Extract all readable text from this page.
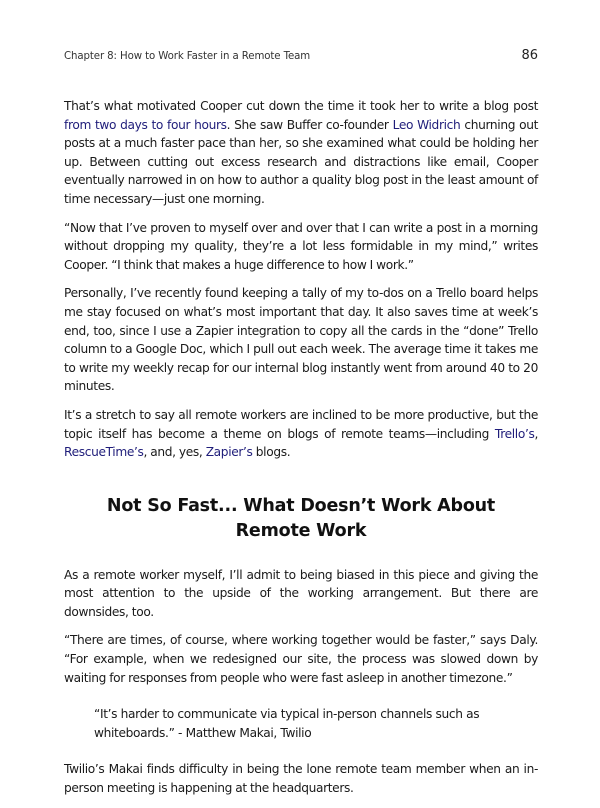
Chapter 8: How to Work Faster in a Remote Team	86

That’s what motivated Cooper cut down the time it took her to write a blog post from two days to four hours. She saw Buffer co-founder Leo Widrich churning out posts at a much faster pace than her, so she examined what could be holding her up. Between cutting out excess research and distractions like email, Cooper eventually narrowed in on how to author a quality blog post in the least amount of time necessary—just one morning.

“Now that I’ve proven to myself over and over that I can write a post in a morning without dropping my quality, they’re a lot less formidable in my mind,” writes Cooper. “I think that makes a huge difference to how I work.”

Personally, I’ve recently found keeping a tally of my to-dos on a Trello board helps me stay focused on what’s most important that day. It also saves time at week’s end, too, since I use a Zapier integration to copy all the cards in the “done” Trello column to a Google Doc, which I pull out each week. The average time it takes me to write my weekly recap for our internal blog instantly went from around 40 to 20 minutes.

It’s a stretch to say all remote workers are inclined to be more productive, but the topic itself has become a theme on blogs of remote teams—including Trello’s, RescueTime’s, and, yes, Zapier’s blogs.

Not So Fast... What Doesn’t Work About Remote Work

As a remote worker myself, I’ll admit to being biased in this piece and giving the most attention to the upside of the working arrangement. But there are downsides, too.

“There are times, of course, where working together would be faster,” says Daly. “For example, when we redesigned our site, the process was slowed down by waiting for responses from people who were fast asleep in another timezone.”

“It’s harder to communicate via typical in-person channels such as whiteboards.” - Matthew Makai, Twilio

Twilio’s Makai finds difficulty in being the lone remote team member when an in-person meeting is happening at the headquarters.
